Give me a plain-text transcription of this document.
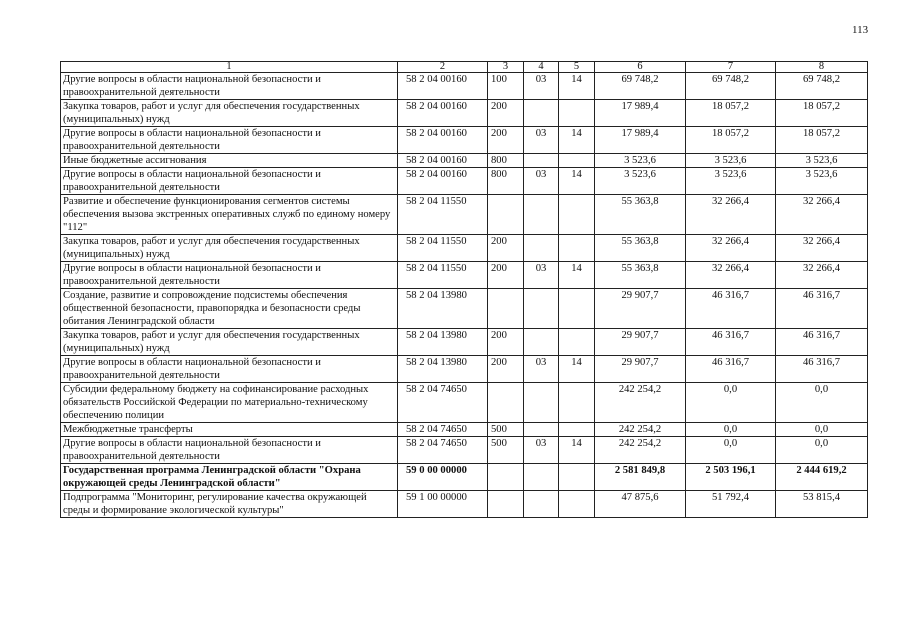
113
1	2	3	4	5	6	7	8
Другие вопросы в области национальной безопасности и правоохранительной деятельности	58 2 04 00160	100	03	14	69 748,2	69 748,2	69 748,2
Закупка товаров, работ и услуг для обеспечения государственных (муниципальных) нужд	58 2 04 00160	200			17 989,4	18 057,2	18 057,2
Другие вопросы в области национальной безопасности и правоохранительной деятельности	58 2 04 00160	200	03	14	17 989,4	18 057,2	18 057,2
Иные бюджетные ассигнования	58 2 04 00160	800			3 523,6	3 523,6	3 523,6
Другие вопросы в области национальной безопасности и правоохранительной деятельности	58 2 04 00160	800	03	14	3 523,6	3 523,6	3 523,6
Развитие и обеспечение функционирования сегментов системы обеспечения вызова экстренных оперативных служб по единому номеру "112"	58 2 04 11550				55 363,8	32 266,4	32 266,4
Закупка товаров, работ и услуг для обеспечения государственных (муниципальных) нужд	58 2 04 11550	200			55 363,8	32 266,4	32 266,4
Другие вопросы в области национальной безопасности и правоохранительной деятельности	58 2 04 11550	200	03	14	55 363,8	32 266,4	32 266,4
Создание, развитие и сопровождение подсистемы обеспечения общественной безопасности, правопорядка и безопасности среды обитания Ленинградской области	58 2 04 13980				29 907,7	46 316,7	46 316,7
Закупка товаров, работ и услуг для обеспечения государственных (муниципальных) нужд	58 2 04 13980	200			29 907,7	46 316,7	46 316,7
Другие вопросы в области национальной безопасности и правоохранительной деятельности	58 2 04 13980	200	03	14	29 907,7	46 316,7	46 316,7
Субсидии федеральному бюджету на софинансирование расходных обязательств Российской Федерации по материально-техническому обеспечению полиции	58 2 04 74650				242 254,2	0,0	0,0
Межбюджетные трансферты	58 2 04 74650	500			242 254,2	0,0	0,0
Другие вопросы в области национальной безопасности и правоохранительной деятельности	58 2 04 74650	500	03	14	242 254,2	0,0	0,0
Государственная программа Ленинградской области "Охрана окружающей среды Ленинградской области"	59 0 00 00000				2 581 849,8	2 503 196,1	2 444 619,2
Подпрограмма "Мониторинг, регулирование качества окружающей среды и формирование экологической культуры"	59 1 00 00000				47 875,6	51 792,4	53 815,4
